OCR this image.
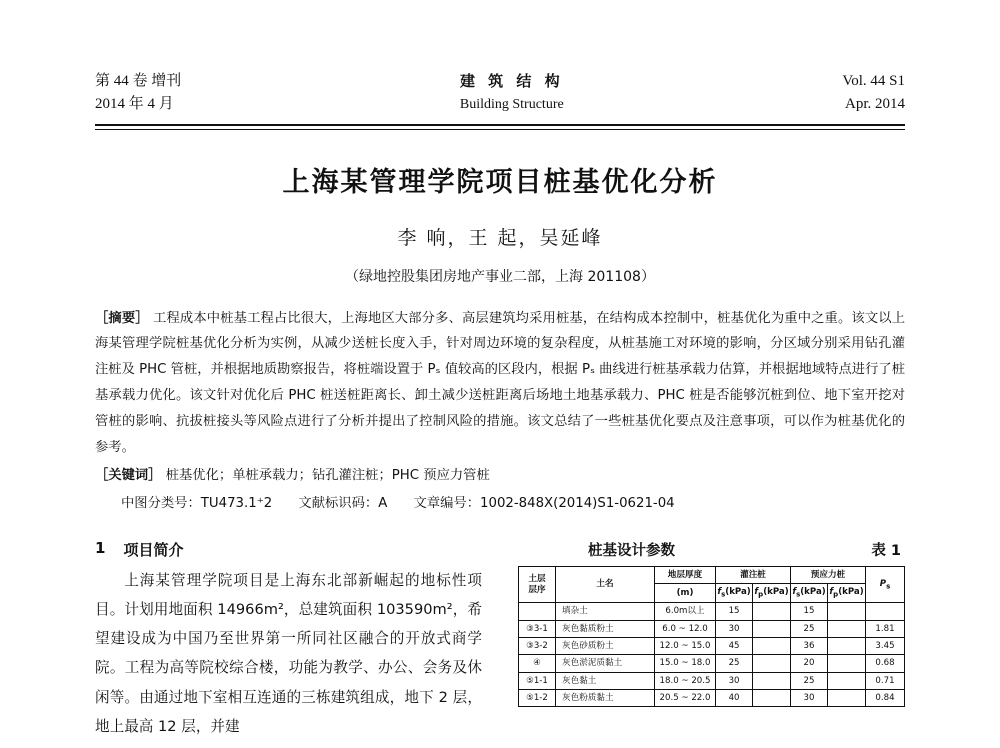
第 44 卷 增刊
2014 年 4 月
建 筑 结 构
Building Structure
Vol. 44 S1
Apr. 2014
上海某管理学院项目桩基优化分析
李 响，王 起，吴延峰
（绿地控股集团房地产事业二部，上海 201108）
［摘要］ 工程成本中桩基工程占比很大，上海地区大部分多、高层建筑均采用桩基，在结构成本控制中，桩基优化为重中之重。该文以上海某管理学院桩基优化分析为实例，从减少送桩长度入手，针对周边环境的复杂程度，从桩基施工对环境的影响，分区域分别采用钻孔灌注桩及 PHC 管桩，并根据地质勘察报告，将桩端设置于 Pₛ 值较高的区段内，根据 Pₛ 曲线进行桩基承载力估算，并根据地域特点进行了桩基承载力优化。该文针对优化后 PHC 桩送桩距离长、卸土减少送桩距离后场地土地基承载力、PHC 桩是否能够沉桩到位、地下室开挖对管桩的影响、抗拔桩接头等风险点进行了分析并提出了控制风险的措施。该文总结了一些桩基优化要点及注意事项，可以作为桩基优化的参考。
［关键词］ 桩基优化；单桩承载力；钻孔灌注桩；PHC 预应力管桩
中图分类号：TU473.1⁺2 文献标识码：A 文章编号：1002-848X(2014)S1-0621-04
1 项目简介
上海某管理学院项目是上海东北部新崛起的地标性项目。计划用地面积 14966m²，总建筑面积 103590m²，希望建设成为中国乃至世界第一所同社区融合的开放式商学院。工程为高等院校综合楼，功能为教学、办公、会务及休闲等。由通过地下室相互连通的三栋建筑组成，地下 2 层，地上最高 12 层，并建
桩基设计参数	表 1
土层
层序	土名	地层厚度	灌注桩		预应力桩		$P_s$
		(m)	$f_s(kPa)$	$f_p(kPa)$	$f_s(kPa)$	$f_p(kPa)$	
	填杂土	6.0m以上	15		15		
③3-1	灰色黏质粉土	6.0 ~ 12.0	30		25		1.81
③3-2	灰色砂质粉土	12.0 ~ 15.0	45		36		3.45
④	灰色淤泥质黏土	15.0 ~ 18.0	25		20		0.68
⑤1-1	灰色黏土	18.0 ~ 20.5	30		25		0.71
⑤1-2	灰色粉质黏土	20.5 ~ 22.0	40		30		0.84
